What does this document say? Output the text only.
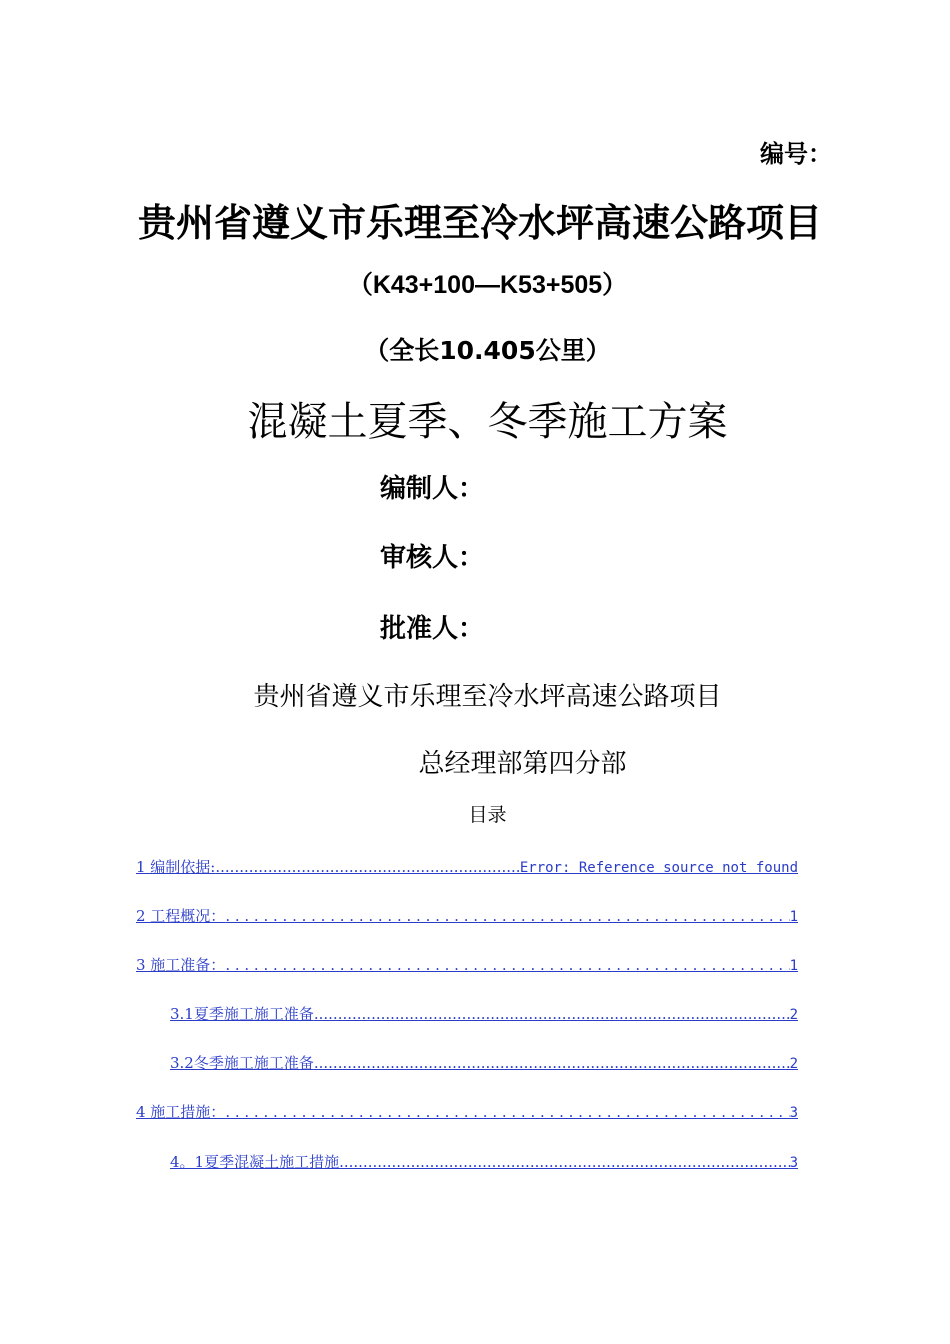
编号：
贵州省遵义市乐理至冷水坪高速公路项目
（K43+100—K53+505）
（全长10.405公里）
混凝土夏季、冬季施工方案
编制人：
审核人：
批准人：
贵州省遵义市乐理至冷水坪高速公路项目
总经理部第四分部
目录
1 编制依据: .....	Error: Reference source not found
2 工程概况： . . .	1
3 施工准备： . . .	1
3.1夏季施工施工准备 .....	2
3.2冬季施工施工准备 .....	2
4 施工措施： . . .	3
4。1夏季混凝土施工措施 .....	3
